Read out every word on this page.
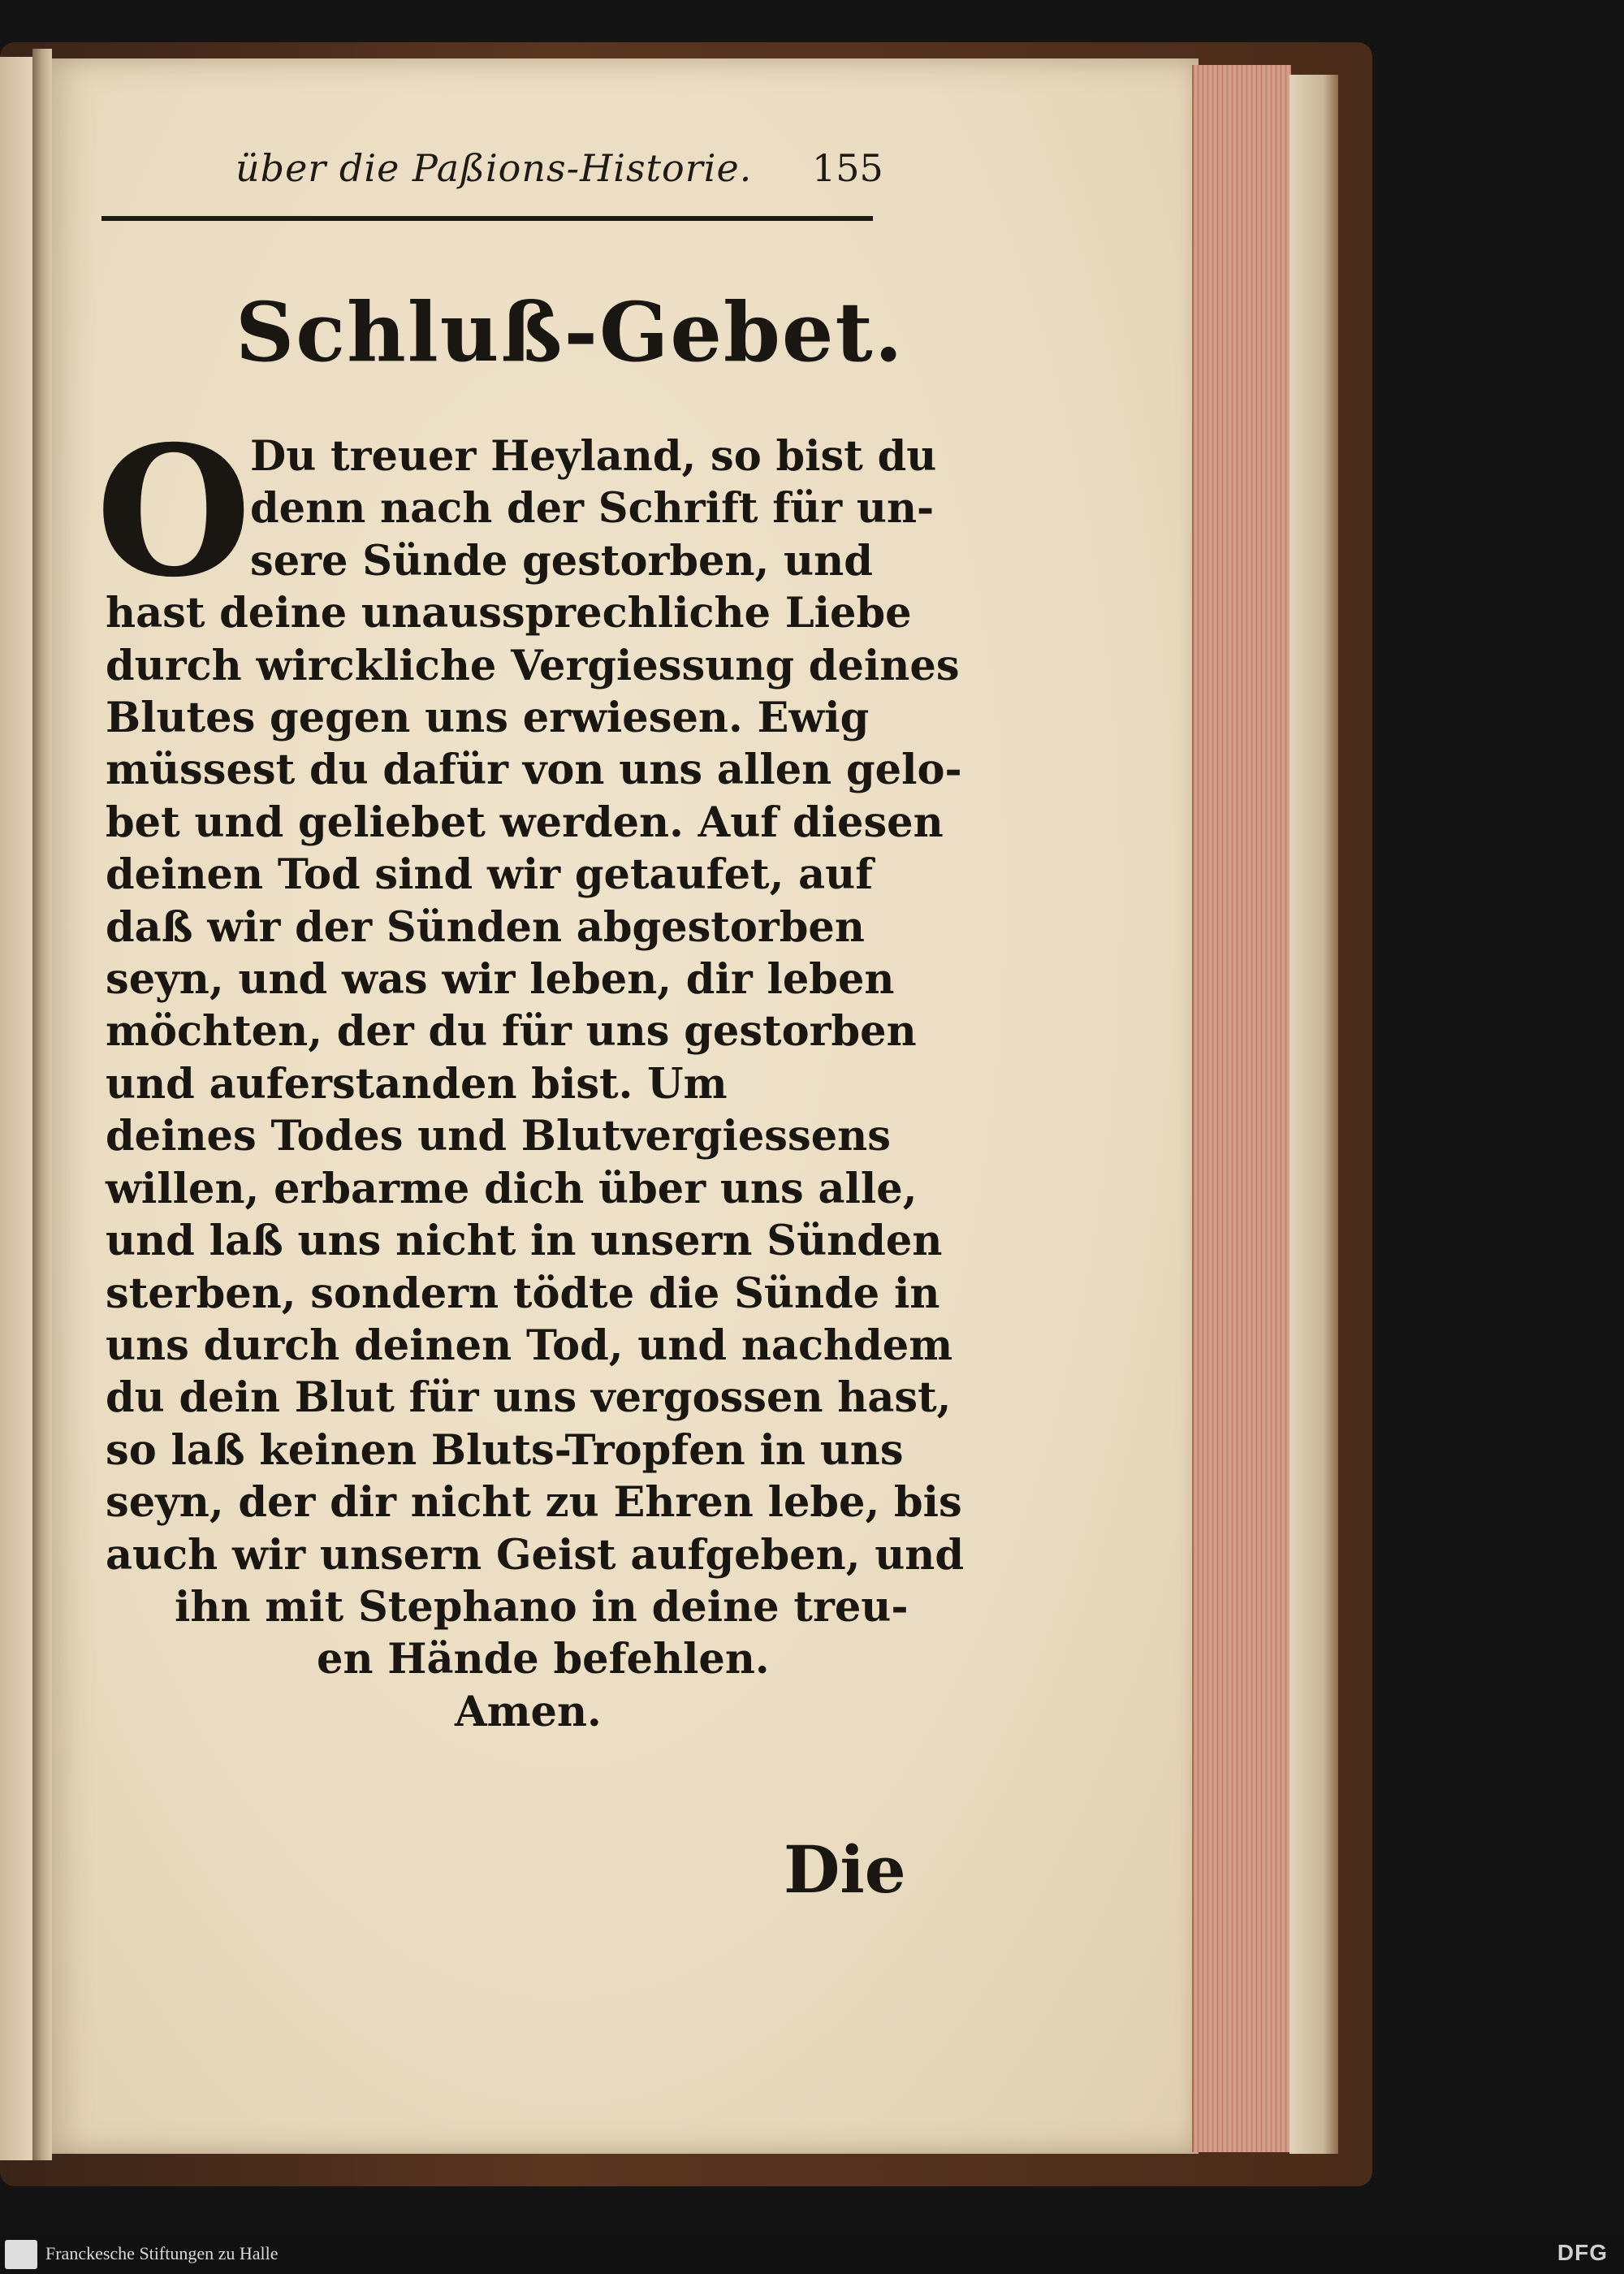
über die Paßions-Historie. 155
Schluß-Gebet.
O
Du treuer Heyland, so bist du
denn nach der Schrift für un-
sere Sünde gestorben, und
hast deine unaussprechliche Liebe
durch wirckliche Vergiessung deines
Blutes gegen uns erwiesen. Ewig
müssest du dafür von uns allen gelo-
bet und geliebet werden. Auf diesen
deinen Tod sind wir getaufet, auf
daß wir der Sünden abgestorben
seyn, und was wir leben, dir leben
möchten, der du für uns gestorben
und auferstanden bist. Um
deines Todes und Blutvergiessens
willen, erbarme dich über uns alle,
und laß uns nicht in unsern Sünden
sterben, sondern tödte die Sünde in
uns durch deinen Tod, und nachdem
du dein Blut für uns vergossen hast,
so laß keinen Bluts-Tropfen in uns
seyn, der dir nicht zu Ehren lebe, bis
auch wir unsern Geist aufgeben, und
ihn mit Stephano in deine treu-
en Hände befehlen.
Amen.
Die
Franckesche Stiftungen zu Halle	DFG
